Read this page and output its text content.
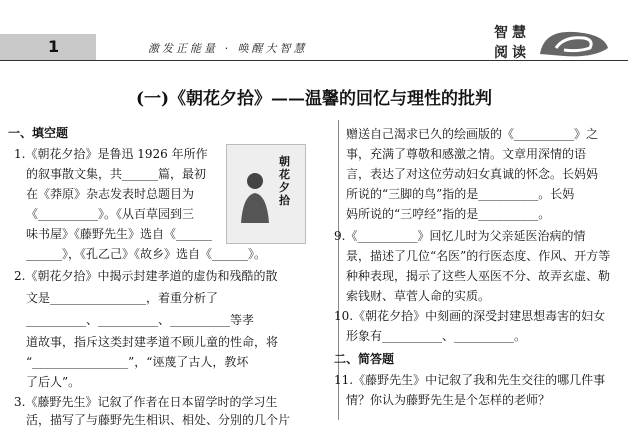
1	激发正能量 · 唤醒大智慧
智 慧
阅 读
(一)《朝花夕拾》——温馨的回忆与理性的批判
一、填空题
1.《朝花夕拾》是鲁迅 1926 年所作
的叙事散文集，共______篇，最初
在《莽原》杂志发表时总题目为
《__________》。《从百草园到三
味书屋》《藤野先生》选自《______
______》，《孔乙己》《故乡》选自《______》。
2.《朝花夕拾》中揭示封建孝道的虚伪和残酷的散
文是________________，着重分析了
__________、__________、__________等孝
道故事，指斥这类封建孝道不顾儿童的性命，将
“________________”，“诬蔑了古人，教坏
了后人”。
3.《藤野先生》记叙了作者在日本留学时的学习生
活，描写了与藤野先生相识、相处、分别的几个片
朝花夕拾
赠送自己渴求已久的绘画版的《__________》之
事，充满了尊敬和感激之情。文章用深情的语
言，表达了对这位劳动妇女真诚的怀念。长妈妈
所说的“三脚的鸟”指的是__________。长妈
妈所说的“三哼经”指的是__________。
9.《__________》回忆儿时为父亲延医治病的情
景，描述了几位“名医”的行医态度、作风、开方等
种种表现，揭示了这些人巫医不分、故弄玄虚、勒
索钱财、草菅人命的实质。
10.《朝花夕拾》中刻画的深受封建思想毒害的妇女
形象有__________、__________。
二、简答题
11.《藤野先生》中记叙了我和先生交往的哪几件事
情？你认为藤野先生是个怎样的老师？
